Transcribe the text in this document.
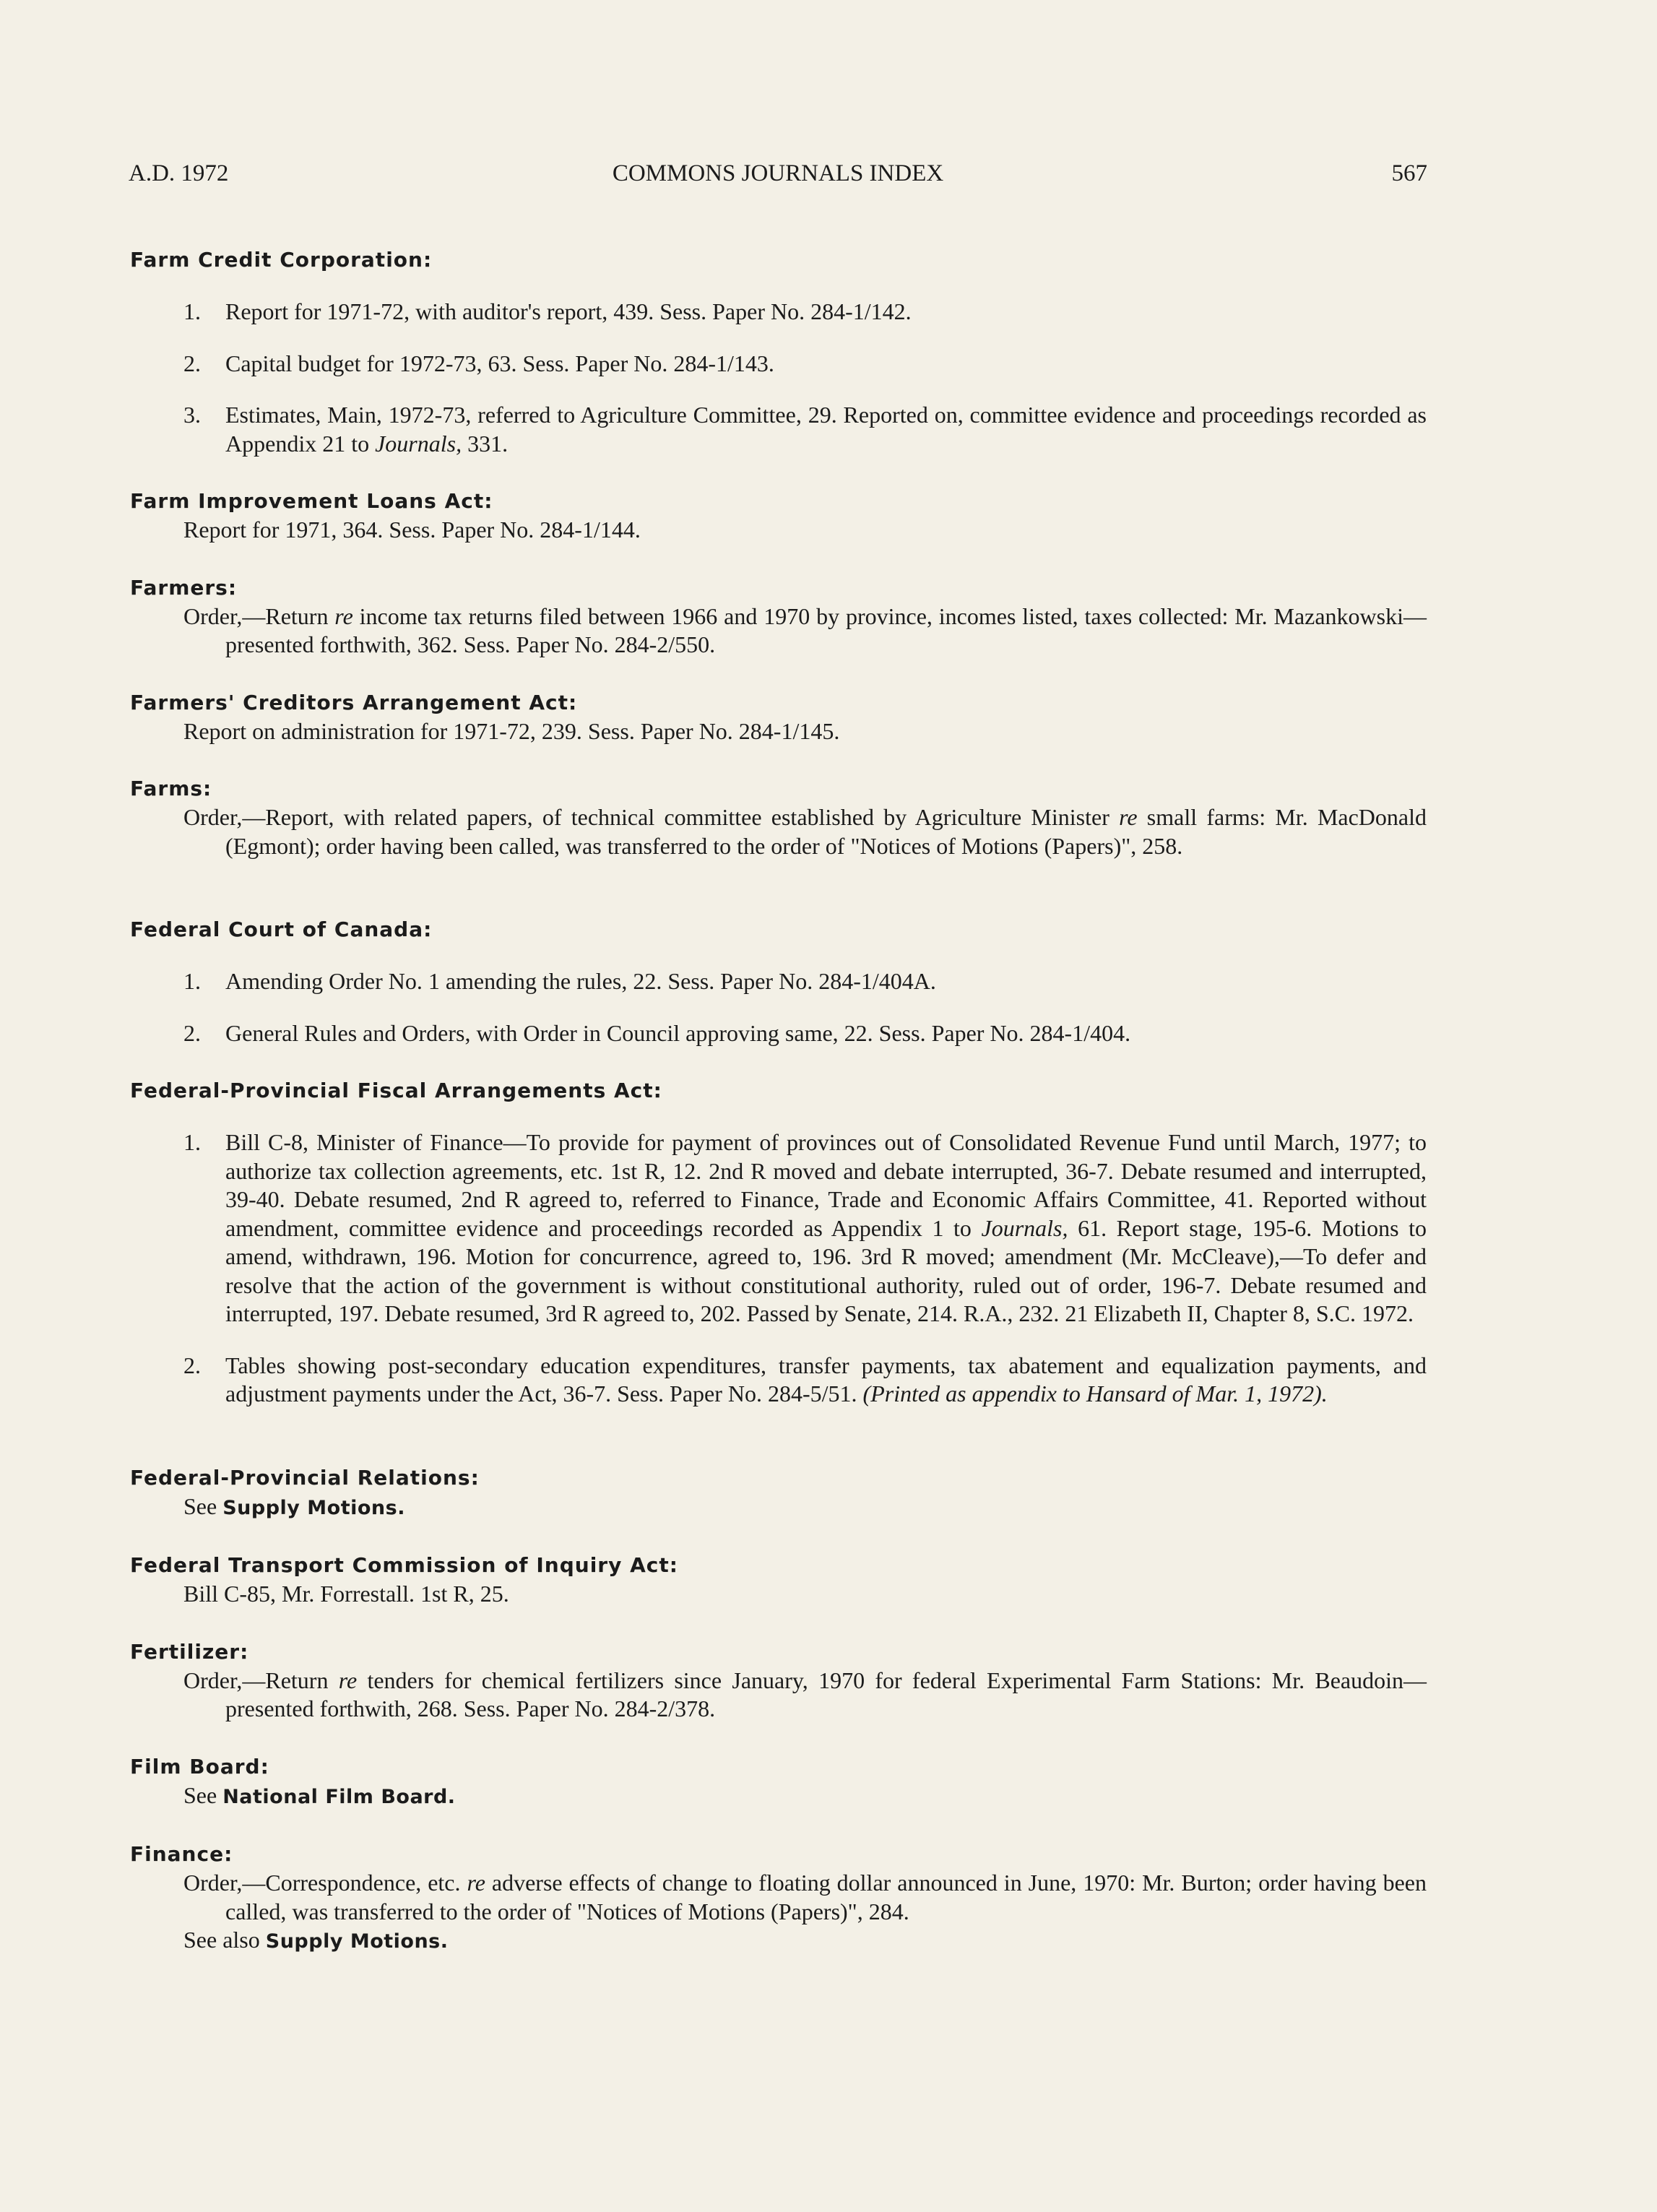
A.D. 1972	COMMONS JOURNALS INDEX	567

Farm Credit Corporation:

1. Report for 1971-72, with auditor's report, 439. Sess. Paper No. 284-1/142.

2. Capital budget for 1972-73, 63. Sess. Paper No. 284-1/143.

3. Estimates, Main, 1972-73, referred to Agriculture Committee, 29. Reported on, committee evidence and proceedings recorded as Appendix 21 to Journals, 331.

Farm Improvement Loans Act:

Report for 1971, 364. Sess. Paper No. 284-1/144.

Farmers:

Order,—Return re income tax returns filed between 1966 and 1970 by province, incomes listed, taxes collected: Mr. Mazankowski—presented forthwith, 362. Sess. Paper No. 284-2/550.

Farmers' Creditors Arrangement Act:

Report on administration for 1971-72, 239. Sess. Paper No. 284-1/145.

Farms:

Order,—Report, with related papers, of technical committee established by Agriculture Minister re small farms: Mr. MacDonald (Egmont); order having been called, was transferred to the order of "Notices of Motions (Papers)", 258.

Federal Court of Canada:

1. Amending Order No. 1 amending the rules, 22. Sess. Paper No. 284-1/404A.

2. General Rules and Orders, with Order in Council approving same, 22. Sess. Paper No. 284-1/404.

Federal-Provincial Fiscal Arrangements Act:

1. Bill C-8, Minister of Finance—To provide for payment of provinces out of Consolidated Revenue Fund until March, 1977; to authorize tax collection agreements, etc. 1st R, 12. 2nd R moved and debate interrupted, 36-7. Debate resumed and interrupted, 39-40. Debate resumed, 2nd R agreed to, referred to Finance, Trade and Economic Affairs Committee, 41. Reported without amendment, committee evidence and proceedings recorded as Appendix 1 to Journals, 61. Report stage, 195-6. Motions to amend, withdrawn, 196. Motion for concurrence, agreed to, 196. 3rd R moved; amendment (Mr. McCleave),—To defer and resolve that the action of the government is without constitutional authority, ruled out of order, 196-7. Debate resumed and interrupted, 197. Debate resumed, 3rd R agreed to, 202. Passed by Senate, 214. R.A., 232. 21 Elizabeth II, Chapter 8, S.C. 1972.

2. Tables showing post-secondary education expenditures, transfer payments, tax abatement and equalization payments, and adjustment payments under the Act, 36-7. Sess. Paper No. 284-5/51. (Printed as appendix to Hansard of Mar. 1, 1972).

Federal-Provincial Relations:

See Supply Motions.

Federal Transport Commission of Inquiry Act:

Bill C-85, Mr. Forrestall. 1st R, 25.

Fertilizer:

Order,—Return re tenders for chemical fertilizers since January, 1970 for federal Experimental Farm Stations: Mr. Beaudoin—presented forthwith, 268. Sess. Paper No. 284-2/378.

Film Board:

See National Film Board.

Finance:

Order,—Correspondence, etc. re adverse effects of change to floating dollar announced in June, 1970: Mr. Burton; order having been called, was transferred to the order of "Notices of Motions (Papers)", 284.

See also Supply Motions.
